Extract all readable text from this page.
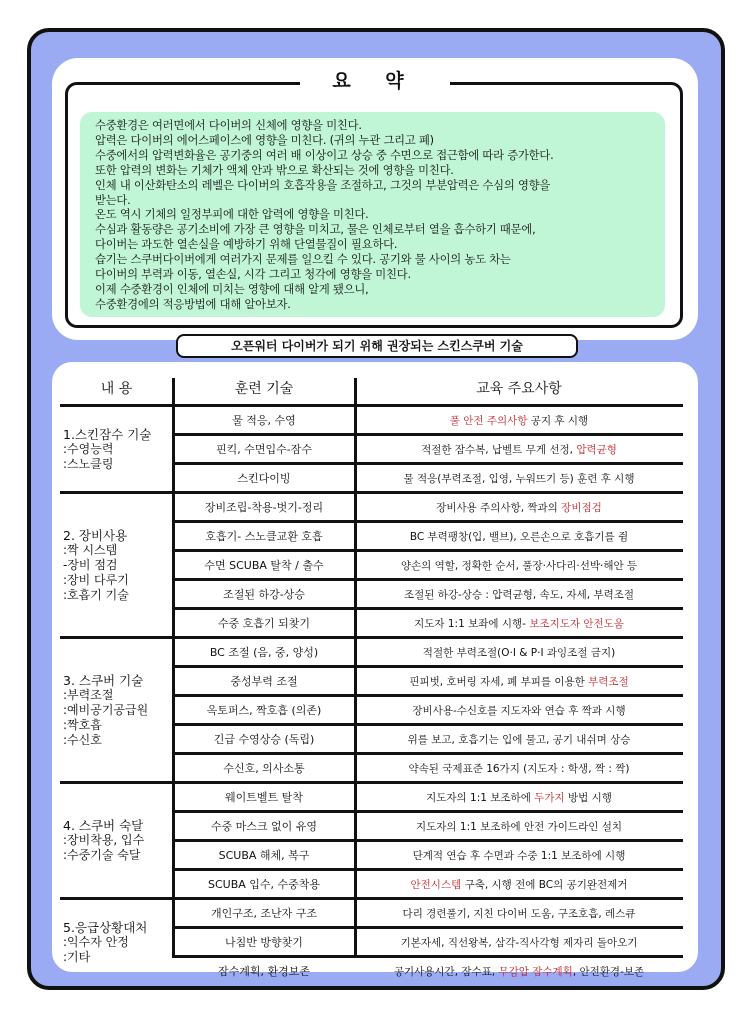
요 약

수중환경은 여러면에서 다이버의 신체에 영향을 미친다.
압력은 다이버의 에어스페이스에 영향을 미친다. (귀의 누관 그리고 폐)
수중에서의 압력변화율은 공기중의 여러 배 이상이고 상승 중 수면으로 접근함에 따라 증가한다.
또한 압력의 변화는 기체가 액체 안과 밖으로 확산되는 것에 영향을 미친다.
인체 내 이산화탄소의 레벨은 다이버의 호흡작용을 조절하고, 그것의 부분압력은 수심의 영향을
받는다.
온도 역시 기체의 일정부피에 대한 압력에 영향을 미친다.
수심과 활동량은 공기소비에 가장 큰 영향을 미치고, 물은 인체로부터 열을 흡수하기 때문에,
다이버는 과도한 열손실을 예방하기 위해 단열물질이 필요하다.
습기는 스쿠버다이버에게 여러가지 문제를 일으킬 수 있다. 공기와 물 사이의 농도 차는
다이버의 부력과 이동, 열손실, 시각 그리고 청각에 영향을 미친다.
이제 수중환경이 인체에 미치는 영향에 대해 알게 됐으니,
수중환경에의 적응방법에 대해 알아보자.

오픈워터 다이버가 되기 위해 권장되는 스킨스쿠버 기술
내 용	훈련 기술	교육 주요사항
1.스킨잠수 기술
:수영능력
:스노클링
물 적응, 수영	풀 안전 주의사항 공지 후 시행
핀킥, 수면입수-잠수	적절한 잠수복, 납벨트 무게 선정, 압력균형
스킨다이빙	물 적응(부력조절, 입영, 누워뜨기 등) 훈련 후 시행
2. 장비사용
:짝 시스템
-장비 점검
:장비 다루기
:호흡기 기술
장비조립-착용-벗기-정리	장비사용 주의사항, 짝과의 장비점검
호흡기- 스노클교환 호흡	BC 부력팽창(입, 밸브), 오른손으로 호흡기를 쥠
수면 SCUBA 탈착 / 출수	양손의 역할, 정확한 순서, 풀장·사다리·선박·해안 등
조절된 하강-상승	조절된 하강-상승 : 압력균형, 속도, 자세, 부력조절
수중 호흡기 되찾기	지도자 1:1 보좌에 시행- 보조지도자 안전도움
3. 스쿠버 기술
:부력조절
:예비공기공급원
:짝호흡
:수신호
BC 조절 (음, 중, 양성)	적절한 부력조절(O·I & P·I 과잉조절 금지)
중성부력 조절	핀피벗, 호버링 자세, 폐 부피를 이용한 부력조절
옥토퍼스, 짝호흡 (의존)	장비사용-수신호를 지도자와 연습 후 짝과 시행
긴급 수영상승 (독립)	위를 보고, 호흡기는 입에 물고, 공기 내쉬며 상승
수신호, 의사소통	약속된 국제표준 16가지 (지도자 : 학생, 짝 : 짝)
4. 스쿠버 숙달
:장비착용, 입수
:수중기술 숙달
웨이트벨트 탈착	지도자의 1:1 보조하에 두가지 방법 시행
수중 마스크 없이 유영	지도자의 1:1 보조하에 안전 가이드라인 설치
SCUBA 해체, 복구	단계적 연습 후 수면과 수중 1:1 보조하에 시행
SCUBA 입수, 수중착용	안전시스템 구축, 시행 전에 BC의 공기완전제거
5.응급상황대처
:익수자 안정
:기타
개인구조, 조난자 구조	다리 경련풀기, 지친 다이버 도움, 구조호흡, 레스큐
나침반 방향찾기	기본자세, 직선왕복, 삼각-직사각형 제자리 돌아오기
잠수계획, 환경보존	공기사용시간, 잠수표, 무감압 잠수계획, 안전환경-보존
